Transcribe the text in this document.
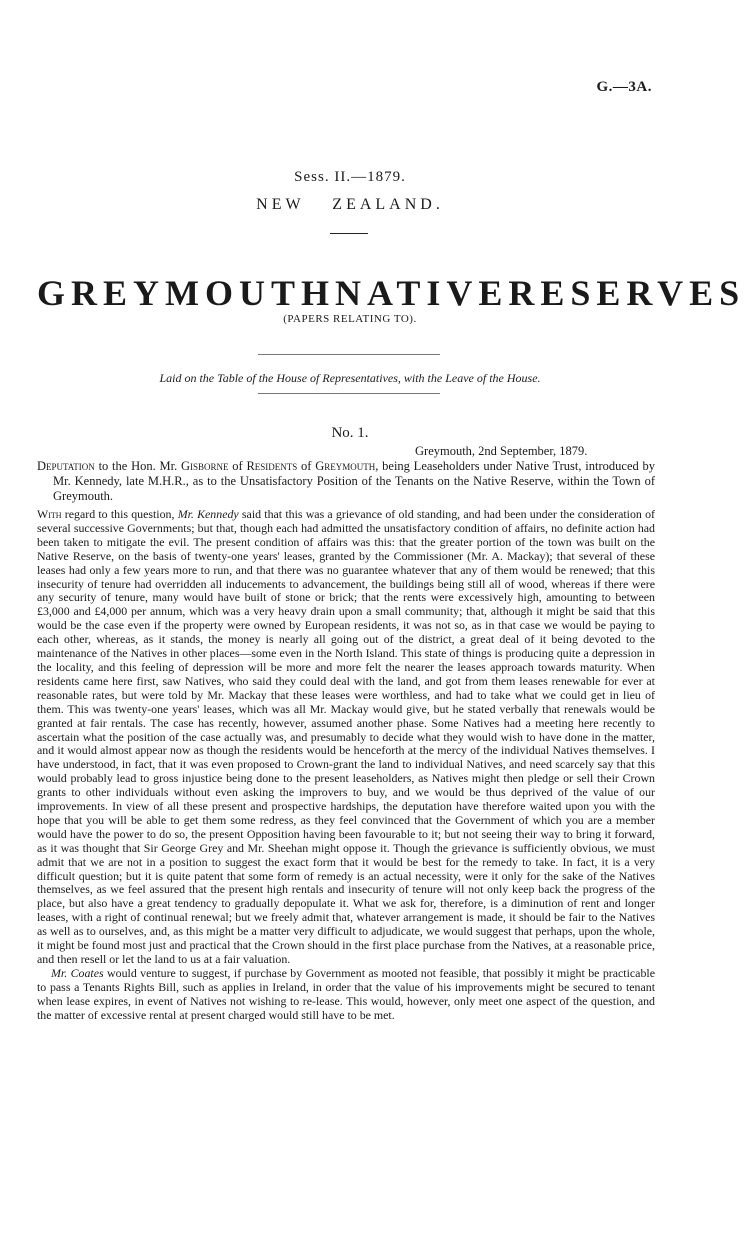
G.—3A.
Sess. II.—1879.
NEW ZEALAND.
GREYMOUTH NATIVE RESERVES
(PAPERS RELATING TO).
Laid on the Table of the House of Representatives, with the Leave of the House.
No. 1.
Greymouth, 2nd September, 1879.
Deputation to the Hon. Mr. Gisborne of Residents of Greymouth, being Leaseholders under Native Trust, introduced by Mr. Kennedy, late M.H.R., as to the Unsatisfactory Position of the Tenants on the Native Reserve, within the Town of Greymouth.

With regard to this question, Mr. Kennedy said that this was a grievance of old standing, and had been under the consideration of several successive Governments; but that, though each had admitted the unsatisfactory condition of affairs, no definite action had been taken to mitigate the evil. The present condition of affairs was this: that the greater portion of the town was built on the Native Reserve, on the basis of twenty-one years' leases, granted by the Commissioner (Mr. A. Mackay); that several of these leases had only a few years more to run, and that there was no guarantee whatever that any of them would be renewed; that this insecurity of tenure had overridden all inducements to advancement, the buildings being still all of wood, whereas if there were any security of tenure, many would have built of stone or brick; that the rents were excessively high, amounting to between £3,000 and £4,000 per annum, which was a very heavy drain upon a small community; that, although it might be said that this would be the case even if the property were owned by European residents, it was not so, as in that case we would be paying to each other, whereas, as it stands, the money is nearly all going out of the district, a great deal of it being devoted to the maintenance of the Natives in other places—some even in the North Island. This state of things is producing quite a depression in the locality, and this feeling of depression will be more and more felt the nearer the leases approach towards maturity. When residents came here first, saw Natives, who said they could deal with the land, and got from them leases renewable for ever at reasonable rates, but were told by Mr. Mackay that these leases were worthless, and had to take what we could get in lieu of them. This was twenty-one years' leases, which was all Mr. Mackay would give, but he stated verbally that renewals would be granted at fair rentals. The case has recently, however, assumed another phase. Some Natives had a meeting here recently to ascertain what the position of the case actually was, and presumably to decide what they would wish to have done in the matter, and it would almost appear now as though the residents would be henceforth at the mercy of the individual Natives themselves. I have understood, in fact, that it was even proposed to Crown-grant the land to individual Natives, and need scarcely say that this would probably lead to gross injustice being done to the present leaseholders, as Natives might then pledge or sell their Crown grants to other individuals without even asking the improvers to buy, and we would be thus deprived of the value of our improvements. In view of all these present and prospective hardships, the deputation have therefore waited upon you with the hope that you will be able to get them some redress, as they feel convinced that the Government of which you are a member would have the power to do so, the present Opposition having been favourable to it; but not seeing their way to bring it forward, as it was thought that Sir George Grey and Mr. Sheehan might oppose it. Though the grievance is sufficiently obvious, we must admit that we are not in a position to suggest the exact form that it would be best for the remedy to take. In fact, it is a very difficult question; but it is quite patent that some form of remedy is an actual necessity, were it only for the sake of the Natives themselves, as we feel assured that the present high rentals and insecurity of tenure will not only keep back the progress of the place, but also have a great tendency to gradually depopulate it. What we ask for, therefore, is a diminution of rent and longer leases, with a right of continual renewal; but we freely admit that, whatever arrangement is made, it should be fair to the Natives as well as to ourselves, and, as this might be a matter very difficult to adjudicate, we would suggest that perhaps, upon the whole, it might be found most just and practical that the Crown should in the first place purchase from the Natives, at a reasonable price, and then resell or let the land to us at a fair valuation.

Mr. Coates would venture to suggest, if purchase by Government as mooted not feasible, that possibly it might be practicable to pass a Tenants Rights Bill, such as applies in Ireland, in order that the value of his improvements might be secured to tenant when lease expires, in event of Natives not wishing to re-lease. This would, however, only meet one aspect of the question, and the matter of excessive rental at present charged would still have to be met.
